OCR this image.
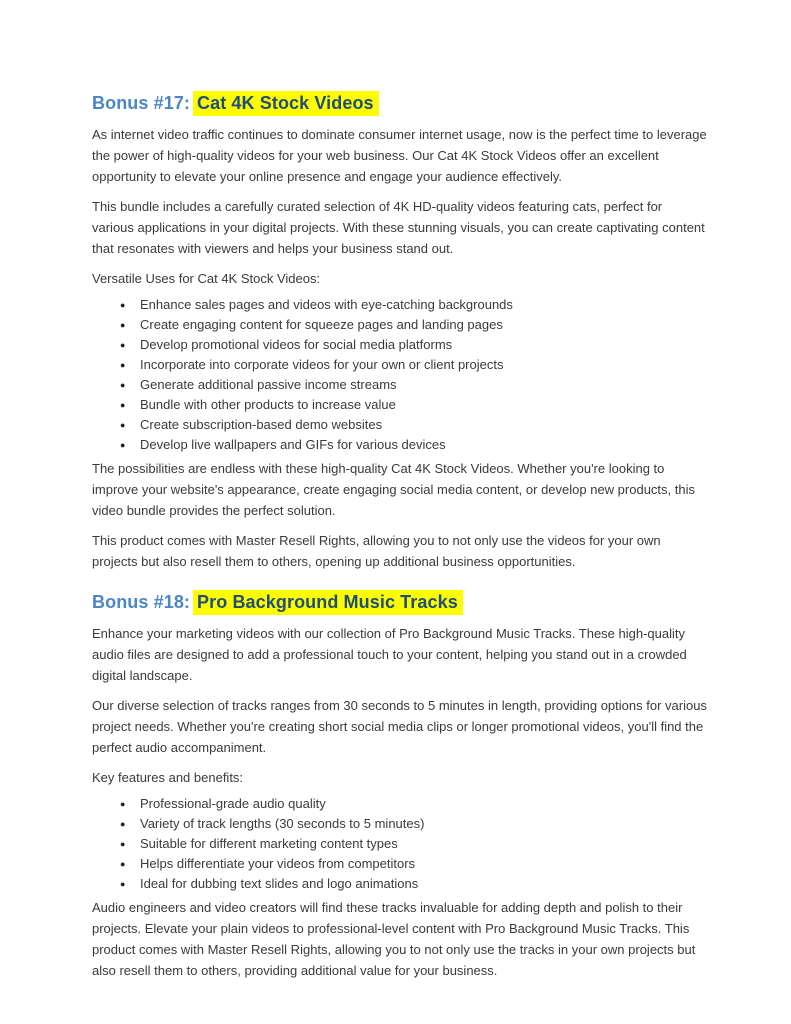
Bonus #17: Cat 4K Stock Videos

As internet video traffic continues to dominate consumer internet usage, now is the perfect time to leverage the power of high-quality videos for your web business. Our Cat 4K Stock Videos offer an excellent opportunity to elevate your online presence and engage your audience effectively.

This bundle includes a carefully curated selection of 4K HD-quality videos featuring cats, perfect for various applications in your digital projects. With these stunning visuals, you can create captivating content that resonates with viewers and helps your business stand out.

Versatile Uses for Cat 4K Stock Videos:

●	Enhance sales pages and videos with eye-catching backgrounds
●	Create engaging content for squeeze pages and landing pages
●	Develop promotional videos for social media platforms
●	Incorporate into corporate videos for your own or client projects
●	Generate additional passive income streams
●	Bundle with other products to increase value
●	Create subscription-based demo websites
●	Develop live wallpapers and GIFs for various devices

The possibilities are endless with these high-quality Cat 4K Stock Videos. Whether you're looking to improve your website's appearance, create engaging social media content, or develop new products, this video bundle provides the perfect solution.

This product comes with Master Resell Rights, allowing you to not only use the videos for your own projects but also resell them to others, opening up additional business opportunities.

Bonus #18: Pro Background Music Tracks

Enhance your marketing videos with our collection of Pro Background Music Tracks. These high-quality audio files are designed to add a professional touch to your content, helping you stand out in a crowded digital landscape.

Our diverse selection of tracks ranges from 30 seconds to 5 minutes in length, providing options for various project needs. Whether you're creating short social media clips or longer promotional videos, you'll find the perfect audio accompaniment.

Key features and benefits:

●	Professional-grade audio quality
●	Variety of track lengths (30 seconds to 5 minutes)
●	Suitable for different marketing content types
●	Helps differentiate your videos from competitors
●	Ideal for dubbing text slides and logo animations

Audio engineers and video creators will find these tracks invaluable for adding depth and polish to their projects. Elevate your plain videos to professional-level content with Pro Background Music Tracks. This product comes with Master Resell Rights, allowing you to not only use the tracks in your own projects but also resell them to others, providing additional value for your business.
